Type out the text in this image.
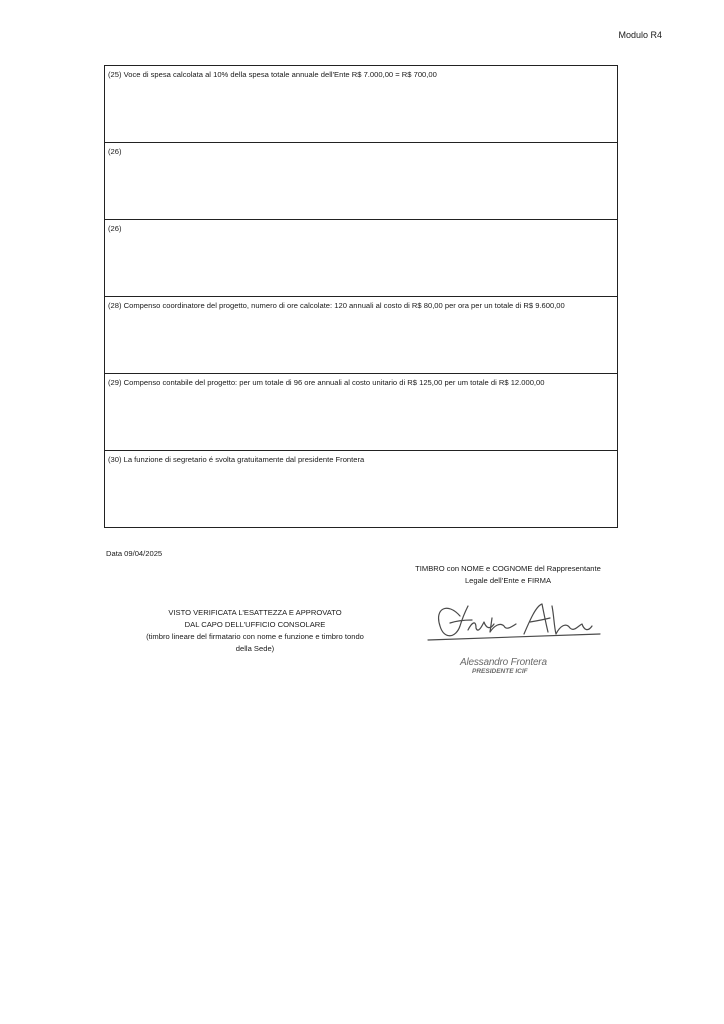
Modulo R4
(25) Voce di spesa calcolata al 10% della spesa totale annuale dell'Ente R$ 7.000,00 = R$ 700,00
(26)
(26)
(28) Compenso coordinatore del progetto, numero di ore calcolate: 120 annuali al costo di R$ 80,00 per ora per un totale di R$ 9.600,00
(29) Compenso contabile del progetto: per um totale di 96 ore annuali al costo unitario di R$ 125,00 per um totale di R$ 12.000,00
(30) La funzione di segretario é svolta gratuitamente dal presidente Frontera
Data 09/04/2025
TIMBRO con NOME e COGNOME del Rappresentante
Legale dell’Ente e FIRMA
VISTO VERIFICATA L’ESATTEZZA E APPROVATO
DAL CAPO DELL’UFFICIO CONSOLARE
(timbro lineare del firmatario con nome e funzione e timbro tondo
della Sede)
Alessandro Frontera
PRESIDENTE ICIF
